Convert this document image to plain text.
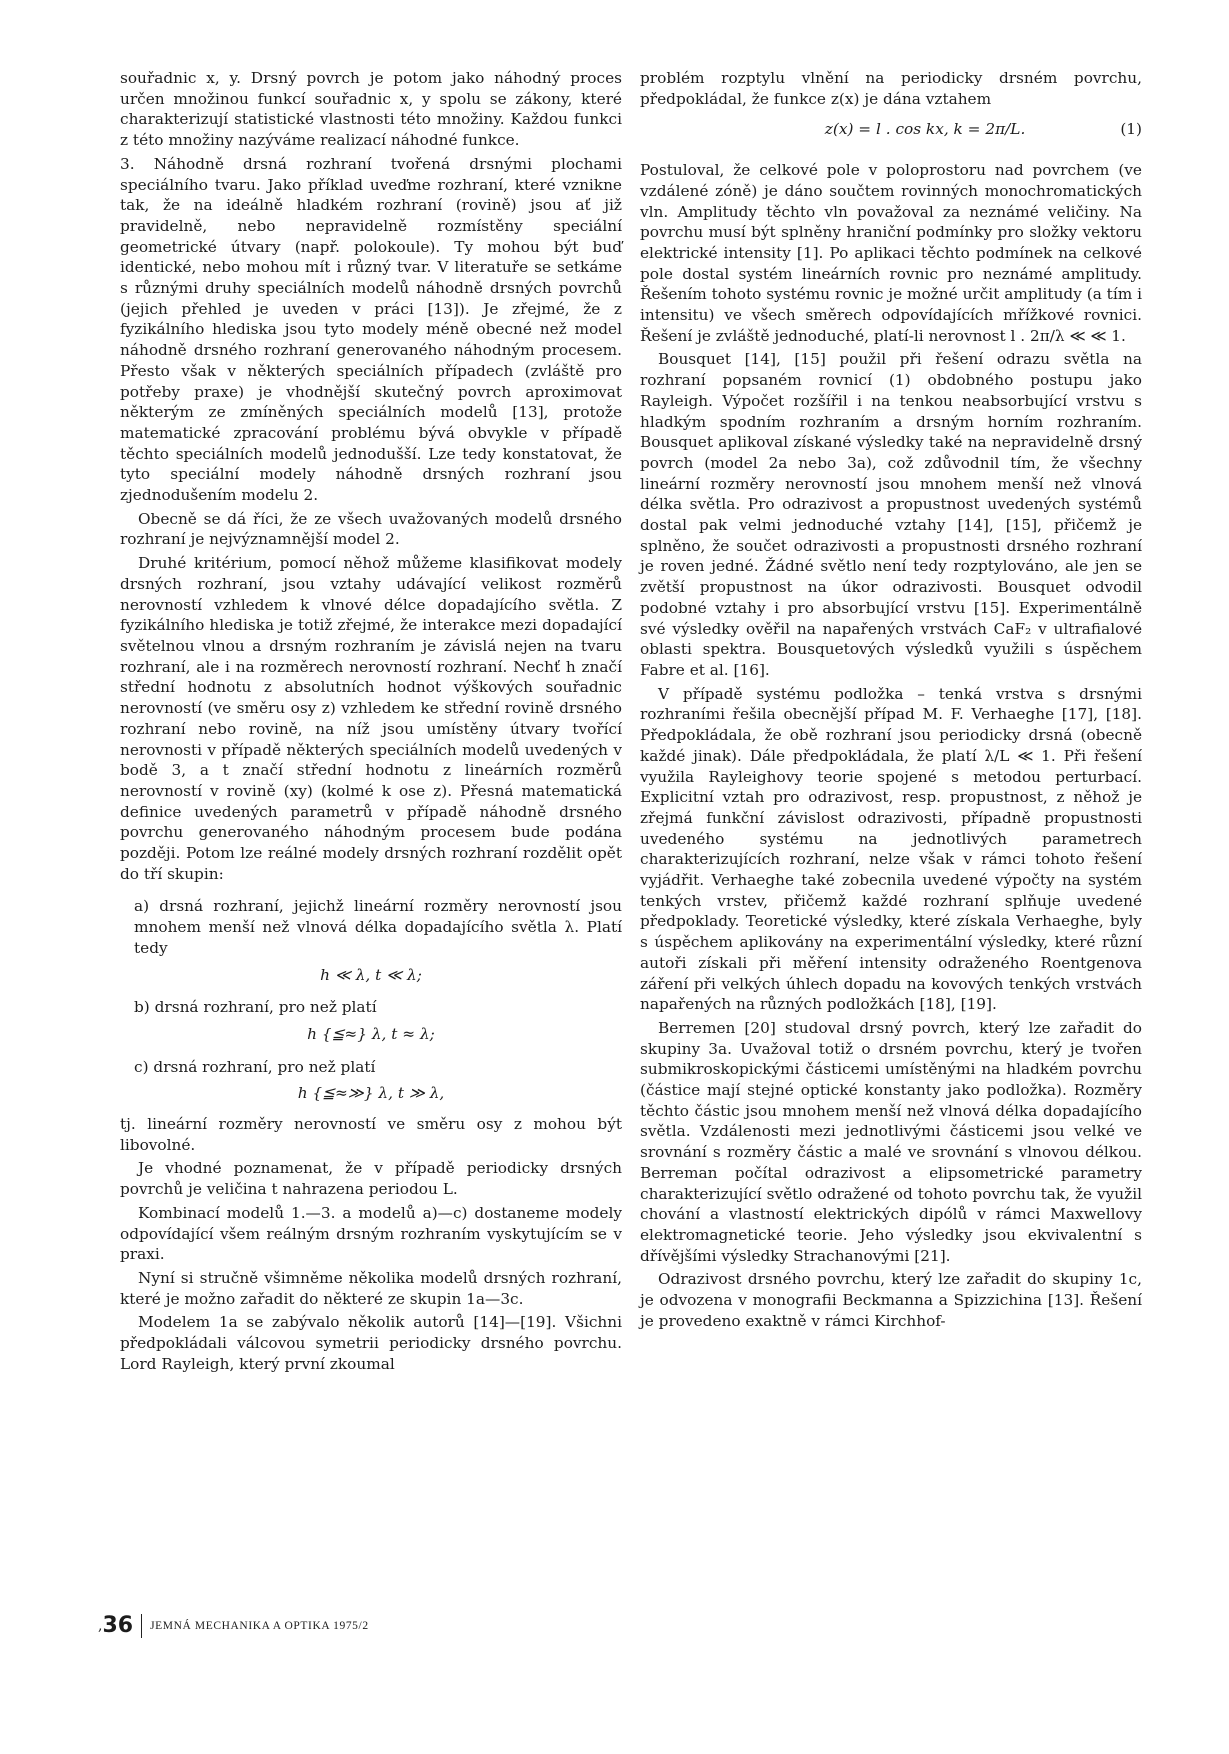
souřadnic x, y. Drsný povrch je potom jako náhodný proces určen množinou funkcí souřadnic x, y spolu se zákony, které charakterizují statistické vlastnosti této množiny. Každou funkci z této množiny nazýváme realizací náhodné funkce.

3. Náhodně drsná rozhraní tvořená drsnými plochami speciálního tvaru. Jako příklad uveďme rozhraní, které vznikne tak, že na ideálně hladkém rozhraní (rovině) jsou ať již pravidelně, nebo nepravidelně rozmístěny speciální geometrické útvary (např. polokoule). Ty mohou být buď identické, nebo mohou mít i různý tvar. V literatuře se setkáme s různými druhy speciálních modelů náhodně drsných povrchů (jejich přehled je uveden v práci [13]). Je zřejmé, že z fyzikálního hlediska jsou tyto modely méně obecné než model náhodně drsného rozhraní generovaného náhodným procesem. Přesto však v některých speciálních případech (zvláště pro potřeby praxe) je vhodnější skutečný povrch aproximovat některým ze zmíněných speciálních modelů [13], protože matematické zpracování problému bývá obvykle v případě těchto speciálních modelů jednodušší. Lze tedy konstatovat, že tyto speciální modely náhodně drsných rozhraní jsou zjednodušením modelu 2.

Obecně se dá říci, že ze všech uvažovaných modelů drsného rozhraní je nejvýznamnější model 2.

Druhé kritérium, pomocí něhož můžeme klasifikovat modely drsných rozhraní, jsou vztahy udávající velikost rozměrů nerovností vzhledem k vlnové délce dopadajícího světla. Z fyzikálního hlediska je totiž zřejmé, že interakce mezi dopadající světelnou vlnou a drsným rozhraním je závislá nejen na tvaru rozhraní, ale i na rozměrech nerovností rozhraní. Nechť h značí střední hodnotu z absolutních hodnot výškových souřadnic nerovností (ve směru osy z) vzhledem ke střední rovině drsného rozhraní nebo rovině, na níž jsou umístěny útvary tvořící nerovnosti v případě některých speciálních modelů uvedených v bodě 3, a t značí střední hodnotu z lineárních rozměrů nerovností v rovině (xy) (kolmé k ose z). Přesná matematická definice uvedených parametrů v případě náhodně drsného povrchu generovaného náhodným procesem bude podána později. Potom lze reálné modely drsných rozhraní rozdělit opět do tří skupin:

a) drsná rozhraní, jejichž lineární rozměry nerovností jsou mnohem menší než vlnová délka dopadajícího světla λ. Platí tedy

h ≪ λ, t ≪ λ;

b) drsná rozhraní, pro než platí

h {≦≈} λ, t ≈ λ;

c) drsná rozhraní, pro než platí

h {≦≈≫} λ, t ≫ λ,

tj. lineární rozměry nerovností ve směru osy z mohou být libovolné.

Je vhodné poznamenat, že v případě periodicky drsných povrchů je veličina t nahrazena periodou L.

Kombinací modelů 1.—3. a modelů a)—c) dostaneme modely odpovídající všem reálným drsným rozhraním vyskytujícím se v praxi.

Nyní si stručně všimněme několika modelů drsných rozhraní, které je možno zařadit do některé ze skupin 1a—3c.

Modelem 1a se zabývalo několik autorů [14]—[19]. Všichni předpokládali válcovou symetrii periodicky drsného povrchu. Lord Rayleigh, který první zkoumal

problém rozptylu vlnění na periodicky drsném povrchu, předpokládal, že funkce z(x) je dána vztahem

z(x) = l . cos kx, k = 2π/L.	(1)

Postuloval, že celkové pole v poloprostoru nad povrchem (ve vzdálené zóně) je dáno součtem rovinných monochromatických vln. Amplitudy těchto vln považoval za neznámé veličiny. Na povrchu musí být splněny hraniční podmínky pro složky vektoru elektrické intensity [1]. Po aplikaci těchto podmínek na celkové pole dostal systém lineárních rovnic pro neznámé amplitudy. Řešením tohoto systému rovnic je možné určit amplitudy (a tím i intensitu) ve všech směrech odpovídajících mřížkové rovnici. Řešení je zvláště jednoduché, platí-li nerovnost l . 2π/λ ≪ ≪ 1.

Bousquet [14], [15] použil při řešení odrazu světla na rozhraní popsaném rovnicí (1) obdobného postupu jako Rayleigh. Výpočet rozšířil i na tenkou neabsorbující vrstvu s hladkým spodním rozhraním a drsným horním rozhraním. Bousquet aplikoval získané výsledky také na nepravidelně drsný povrch (model 2a nebo 3a), což zdůvodnil tím, že všechny lineární rozměry nerovností jsou mnohem menší než vlnová délka světla. Pro odrazivost a propustnost uvedených systémů dostal pak velmi jednoduché vztahy [14], [15], přičemž je splněno, že součet odrazivosti a propustnosti drsného rozhraní je roven jedné. Žádné světlo není tedy rozptylováno, ale jen se zvětší propustnost na úkor odrazivosti. Bousquet odvodil podobné vztahy i pro absorbující vrstvu [15]. Experimentálně své výsledky ověřil na napařených vrstvách CaF₂ v ultrafialové oblasti spektra. Bousquetových výsledků využili s úspěchem Fabre et al. [16].

V případě systému podložka – tenká vrstva s drsnými rozhraními řešila obecnější případ M. F. Verhaeghe [17], [18]. Předpokládala, že obě rozhraní jsou periodicky drsná (obecně každé jinak). Dále předpokládala, že platí λ/L ≪ 1. Při řešení využila Rayleighovy teorie spojené s metodou perturbací. Explicitní vztah pro odrazivost, resp. propustnost, z něhož je zřejmá funkční závislost odrazivosti, případně propustnosti uvedeného systému na jednotlivých parametrech charakterizujících rozhraní, nelze však v rámci tohoto řešení vyjádřit. Verhaeghe také zobecnila uvedené výpočty na systém tenkých vrstev, přičemž každé rozhraní splňuje uvedené předpoklady. Teoretické výsledky, které získala Verhaeghe, byly s úspěchem aplikovány na experimentální výsledky, které různí autoři získali při měření intensity odraženého Roentgenova záření při velkých úhlech dopadu na kovových tenkých vrstvách napařených na různých podložkách [18], [19].

Berremen [20] studoval drsný povrch, který lze zařadit do skupiny 3a. Uvažoval totiž o drsném povrchu, který je tvořen submikroskopickými částicemi umístěnými na hladkém povrchu (částice mají stejné optické konstanty jako podložka). Rozměry těchto částic jsou mnohem menší než vlnová délka dopadajícího světla. Vzdálenosti mezi jednotlivými částicemi jsou velké ve srovnání s rozměry částic a malé ve srovnání s vlnovou délkou. Berreman počítal odrazivost a elipsometrické parametry charakterizující světlo odražené od tohoto povrchu tak, že využil chování a vlastností elektrických dipólů v rámci Maxwellovy elektromagnetické teorie. Jeho výsledky jsou ekvivalentní s dřívějšími výsledky Strachanovými [21].

Odrazivost drsného povrchu, který lze zařadit do skupiny 1c, je odvozena v monografii Beckmanna a Spizzichina [13]. Řešení je provedeno exaktně v rámci Kirchhof-

, 36 JEMNÁ MECHANIKA A OPTIKA 1975/2
